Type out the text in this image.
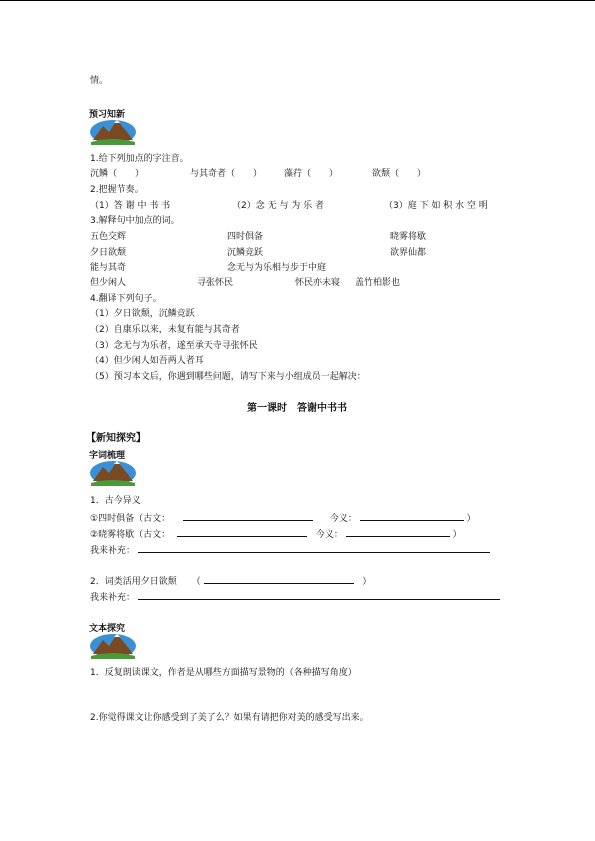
情。
预习知新
1.给下列加点的字注音。
沉鳞（　　）	与其奇者（　　） 藻荇（　　）	欲颓（　　）
2.把握节奏。
（1）答 谢 中 书 书	（2）念 无 与 为 乐 者	（3）庭 下 如 积 水 空 明
3.解释句中加点的词。
五色交辉	四时俱备	晓雾将歇
夕日欲颓	沉鳞竞跃	欲界仙都
能与其奇	念无与为乐相与步于中庭
但少闲人	寻张怀民	怀民亦未寝 盖竹柏影也
4.翻译下列句子。
（1）夕日欲颓，沉鳞竞跃
（2）自康乐以来，未复有能与其奇者
（3）念无与为乐者，遂至承天寺寻张怀民
（4）但少闲人如吾两人者耳
（5）预习本文后，你遇到哪些问题，请写下来与小组成员一起解决：
第一课时　答谢中书书
【新知探究】
字词梳理
1．古今异义
①四时俱备（古文：	今义：	）
②晓雾将歇（古文：	今义：	）
我来补充：
2．词类活用夕日欲颓 （	）
我来补充：
文本探究
1．反复朗读课文，作者是从哪些方面描写景物的（各种描写角度）
2.你觉得课文让你感受到了美了么？如果有请把你对美的感受写出来。
